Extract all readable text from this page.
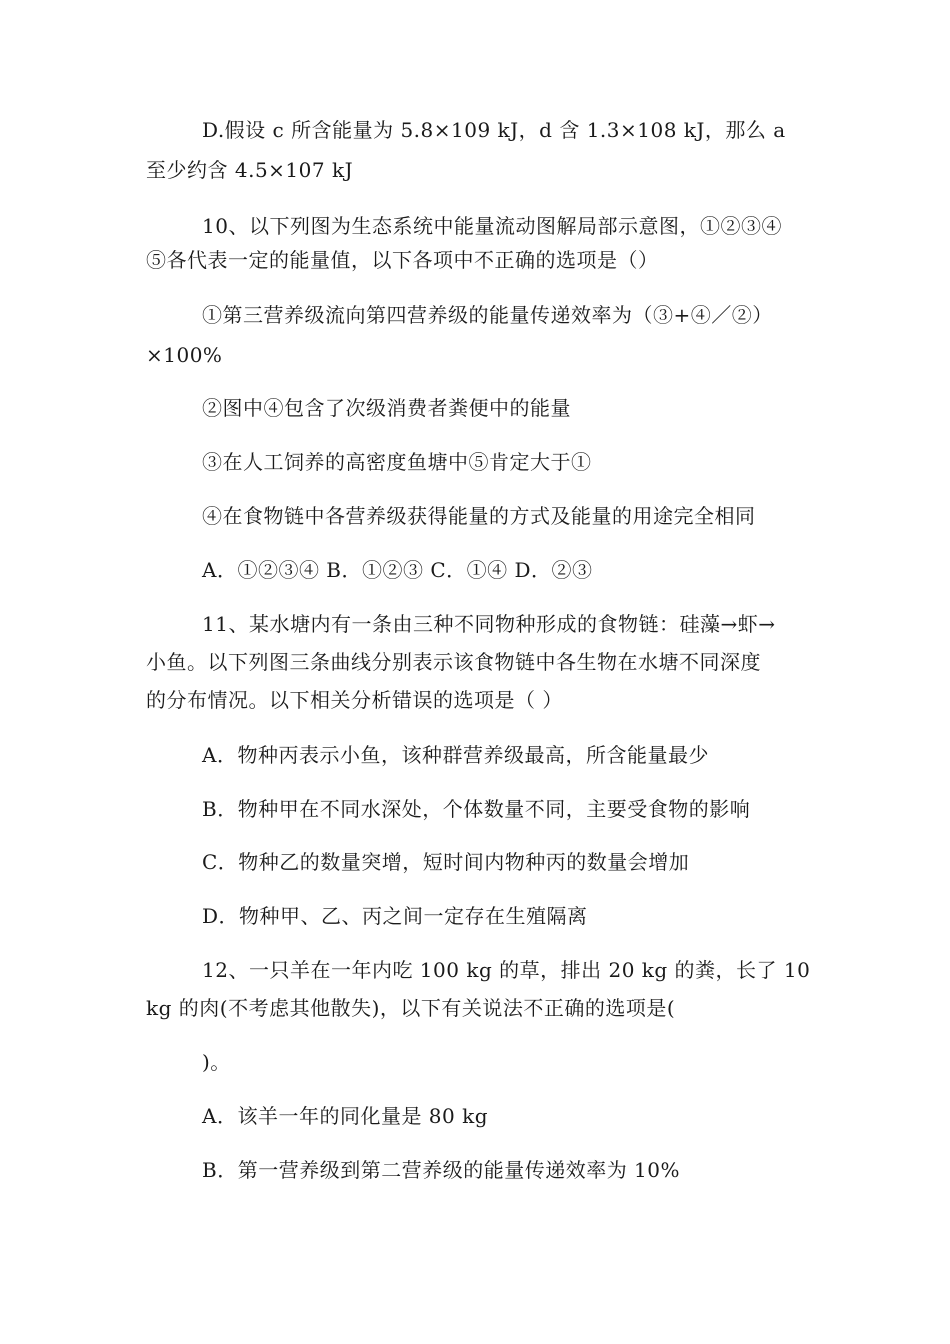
D.假设 c 所含能量为 5.8×109 kJ，d 含 1.3×108 kJ，那么 a
至少约含 4.5×107 kJ
10、以下列图为生态系统中能量流动图解局部示意图，①②③④
⑤各代表一定的能量值，以下各项中不正确的选项是（）
①第三营养级流向第四营养级的能量传递效率为（③+④／②）
×100%
②图中④包含了次级消费者粪便中的能量
③在人工饲养的高密度鱼塘中⑤肯定大于①
④在食物链中各营养级获得能量的方式及能量的用途完全相同
A．①②③④ B．①②③ C．①④ D．②③
11、某水塘内有一条由三种不同物种形成的食物链：硅藻→虾→
小鱼。以下列图三条曲线分别表示该食物链中各生物在水塘不同深度
的分布情况。以下相关分析错误的选项是（ ）
A．物种丙表示小鱼，该种群营养级最高，所含能量最少
B．物种甲在不同水深处，个体数量不同，主要受食物的影响
C．物种乙的数量突增，短时间内物种丙的数量会增加
D．物种甲、乙、丙之间一定存在生殖隔离
12、一只羊在一年内吃 100 kg 的草，排出 20 kg 的粪，长了 10
kg 的肉(不考虑其他散失)，以下有关说法不正确的选项是(
)。
A．该羊一年的同化量是 80 kg
B．第一营养级到第二营养级的能量传递效率为 10%
